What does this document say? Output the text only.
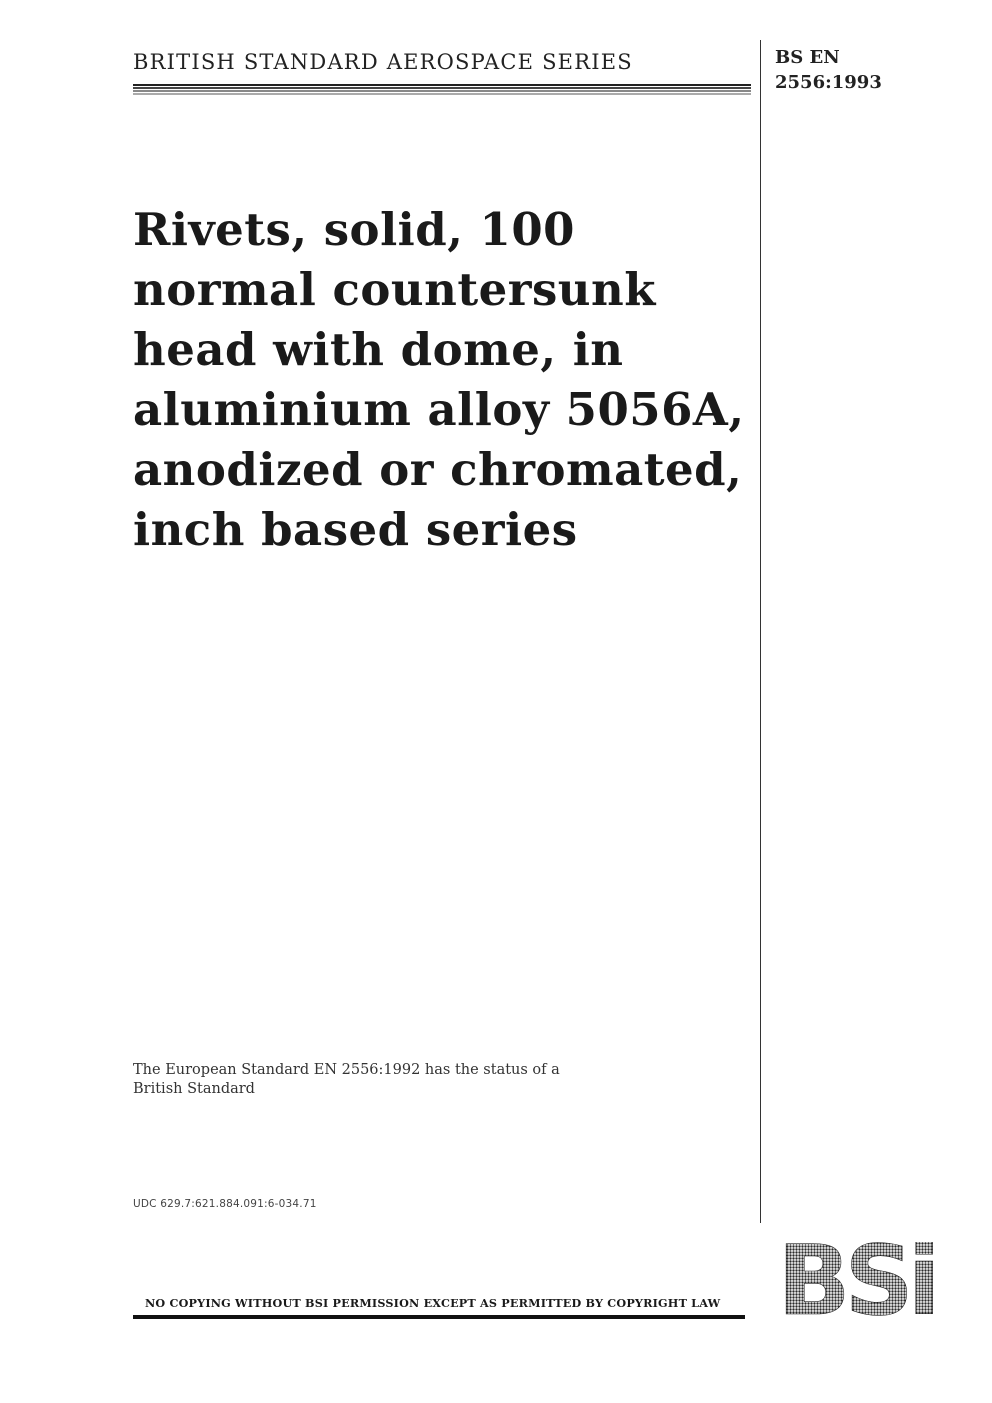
BRITISH STANDARD AEROSPACE SERIES	BS EN
2556:1993
Rivets, solid, 100
normal countersunk
head with dome, in
aluminium alloy 5056A,
anodized or chromated,
inch based series
The European Standard EN 2556:1992 has the status of a
British Standard
UDC 629.7:621.884.091:6-034.71
NO COPYING WITHOUT BSI PERMISSION EXCEPT AS PERMITTED BY COPYRIGHT LAW BSi
